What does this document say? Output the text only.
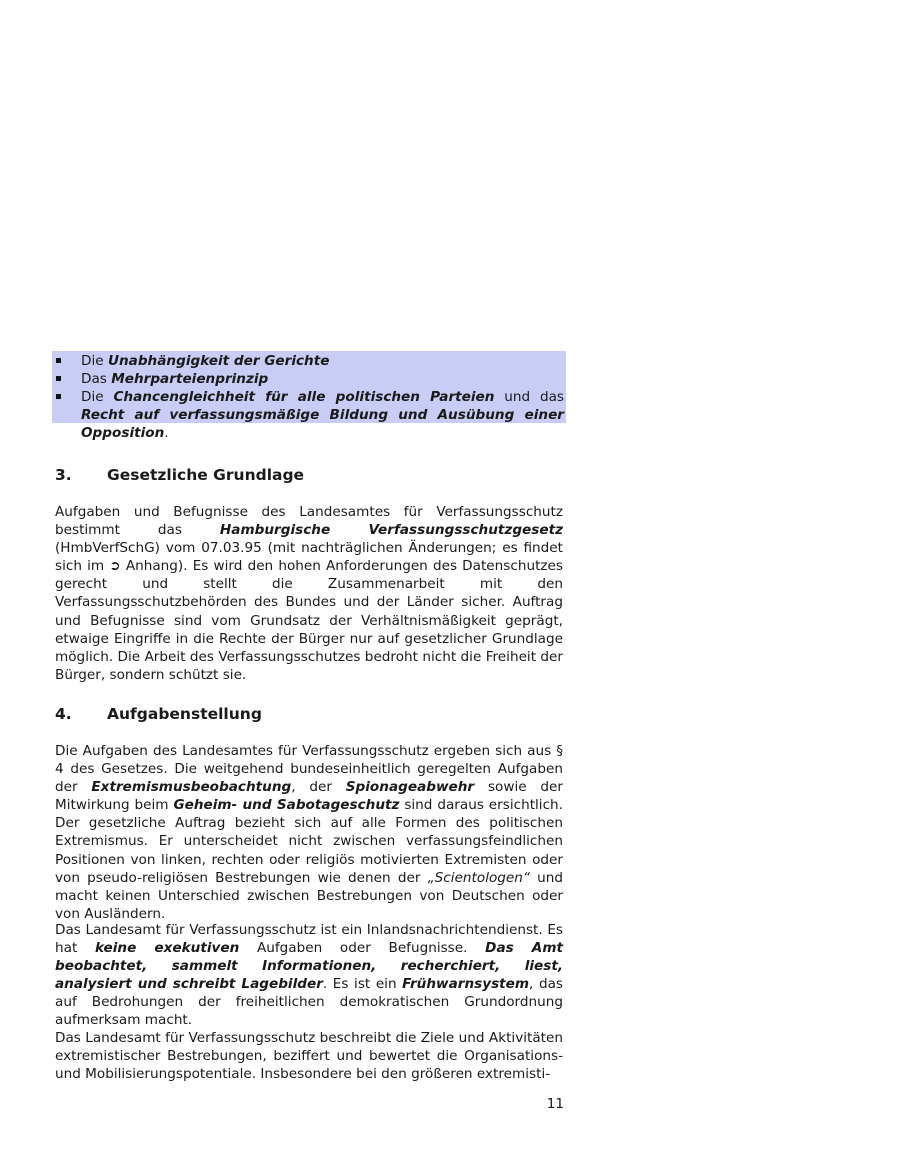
Die Unabhängigkeit der Gerichte
Das Mehrparteienprinzip
Die Chancengleichheit für alle politischen Parteien und das Recht auf verfassungsmäßige Bildung und Ausübung einer Opposition.
3. Gesetzliche Grundlage

Aufgaben und Befugnisse des Landesamtes für Verfassungsschutz bestimmt das Hamburgische Verfassungsschutzgesetz (HmbVerfSchG) vom 07.03.95 (mit nachträglichen Änderungen; es findet sich im ➲ Anhang). Es wird den hohen Anforderungen des Datenschutzes gerecht und stellt die Zusammenarbeit mit den Verfassungsschutzbehörden des Bundes und der Länder sicher. Auftrag und Befugnisse sind vom Grundsatz der Verhältnismäßigkeit geprägt, etwaige Eingriffe in die Rechte der Bürger nur auf gesetzlicher Grundlage möglich. Die Arbeit des Verfassungsschutzes bedroht nicht die Freiheit der Bürger, sondern schützt sie.

4. Aufgabenstellung

Die Aufgaben des Landesamtes für Verfassungsschutz ergeben sich aus § 4 des Gesetzes. Die weitgehend bundeseinheitlich geregelten Aufgaben der Extremismusbeobachtung, der Spionageabwehr sowie der Mitwirkung beim Geheim- und Sabotageschutz sind daraus ersichtlich. Der gesetzliche Auftrag bezieht sich auf alle Formen des politischen Extremismus. Er unterscheidet nicht zwischen verfassungsfeindlichen Positionen von linken, rechten oder religiös motivierten Extremisten oder von pseudo-religiösen Bestrebungen wie denen der „Scientologen“ und macht keinen Unterschied zwischen Bestrebungen von Deutschen oder von Ausländern.

Das Landesamt für Verfassungsschutz ist ein Inlandsnachrichtendienst. Es hat keine exekutiven Aufgaben oder Befugnisse. Das Amt beobachtet, sammelt Informationen, recherchiert, liest, analysiert und schreibt Lagebilder. Es ist ein Frühwarnsystem, das auf Bedrohungen der freiheitlichen demokratischen Grundordnung aufmerksam macht.

Das Landesamt für Verfassungsschutz beschreibt die Ziele und Aktivitäten extremistischer Bestrebungen, beziffert und bewertet die Organisations- und Mobilisierungspotentiale. Insbesondere bei den größeren extremisti-

11
